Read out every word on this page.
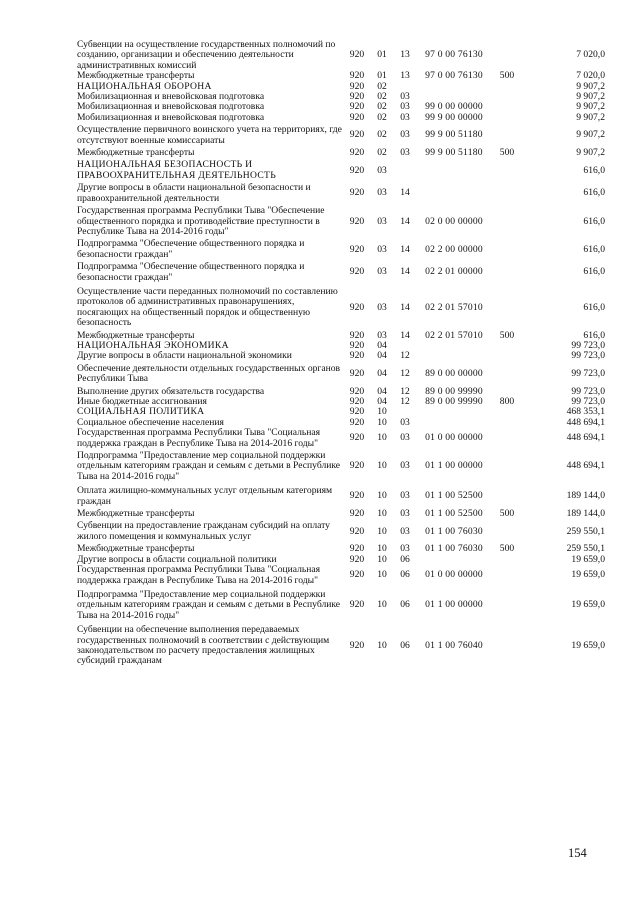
Субвенции на осуществление государственных полномочий по созданию, организации и обеспечению деятельности административных комиссий	920	01	13	97 0 00 76130		7 020,0
Межбюджетные трансферты	920	01	13	97 0 00 76130	500	7 020,0
НАЦИОНАЛЬНАЯ ОБОРОНА	920	02				9 907,2
Мобилизационная и вневойсковая подготовка	920	02	03			9 907,2
Мобилизационная и вневойсковая подготовка	920	02	03	99 0 00 00000		9 907,2
Мобилизационная и вневойсковая подготовка	920	02	03	99 9 00 00000		9 907,2
Осуществление первичного воинского учета на территориях, где отсутствуют военные комиссариаты	920	02	03	99 9 00 51180		9 907,2
Межбюджетные трансферты	920	02	03	99 9 00 51180	500	9 907,2
НАЦИОНАЛЬНАЯ БЕЗОПАСНОСТЬ И ПРАВООХРАНИТЕЛЬНАЯ ДЕЯТЕЛЬНОСТЬ	920	03				616,0
Другие вопросы в области национальной безопасности и правоохранительной деятельности	920	03	14			616,0
Государственная программа Республики Тыва "Обеспечение общественного порядка и противодействие преступности в Республике Тыва на 2014-2016 годы"	920	03	14	02 0 00 00000		616,0
Подпрограмма "Обеспечение общественного порядка и безопасности граждан"	920	03	14	02 2 00 00000		616,0
Подпрограмма "Обеспечение общественного порядка и безопасности граждан"	920	03	14	02 2 01 00000		616,0
Осуществление части переданных полномочий по составлению протоколов об административных правонарушениях, посягающих на общественный порядок и общественную безопасность	920	03	14	02 2 01 57010		616,0
Межбюджетные трансферты	920	03	14	02 2 01 57010	500	616,0
НАЦИОНАЛЬНАЯ ЭКОНОМИКА	920	04				99 723,0
Другие вопросы в области национальной экономики	920	04	12			99 723,0
Обеспечение деятельности отдельных государственных органов Республики Тыва	920	04	12	89 0 00 00000		99 723,0
Выполнение других обязательств государства	920	04	12	89 0 00 99990		99 723,0
Иные бюджетные ассигнования	920	04	12	89 0 00 99990	800	99 723,0
СОЦИАЛЬНАЯ ПОЛИТИКА	920	10				468 353,1
Социальное обеспечение населения	920	10	03			448 694,1
Государственная программа Республики Тыва "Социальная поддержка граждан в Республике Тыва на 2014-2016 годы"	920	10	03	01 0 00 00000		448 694,1
Подпрограмма "Предоставление мер социальной поддержки отдельным категориям граждан и семьям с детьми в Республике Тыва на 2014-2016 годы"	920	10	03	01 1 00 00000		448 694,1
Оплата жилищно-коммунальных услуг отдельным категориям граждан	920	10	03	01 1 00 52500		189 144,0
Межбюджетные трансферты	920	10	03	01 1 00 52500	500	189 144,0
Субвенции на предоставление гражданам субсидий на оплату жилого помещения и коммунальных услуг	920	10	03	01 1 00 76030		259 550,1
Межбюджетные трансферты	920	10	03	01 1 00 76030	500	259 550,1
Другие вопросы в области социальной политики	920	10	06			19 659,0
Государственная программа Республики Тыва "Социальная поддержка граждан в Республике Тыва на 2014-2016 годы"	920	10	06	01 0 00 00000		19 659,0
Подпрограмма "Предоставление мер социальной поддержки отдельным категориям граждан и семьям с детьми в Республике Тыва на 2014-2016 годы"	920	10	06	01 1 00 00000		19 659,0
Субвенции на обеспечение выполнения передаваемых государственных полномочий в соответствии с действующим законодательством по расчету предоставления жилищных субсидий гражданам	920	10	06	01 1 00 76040		19 659,0
154
